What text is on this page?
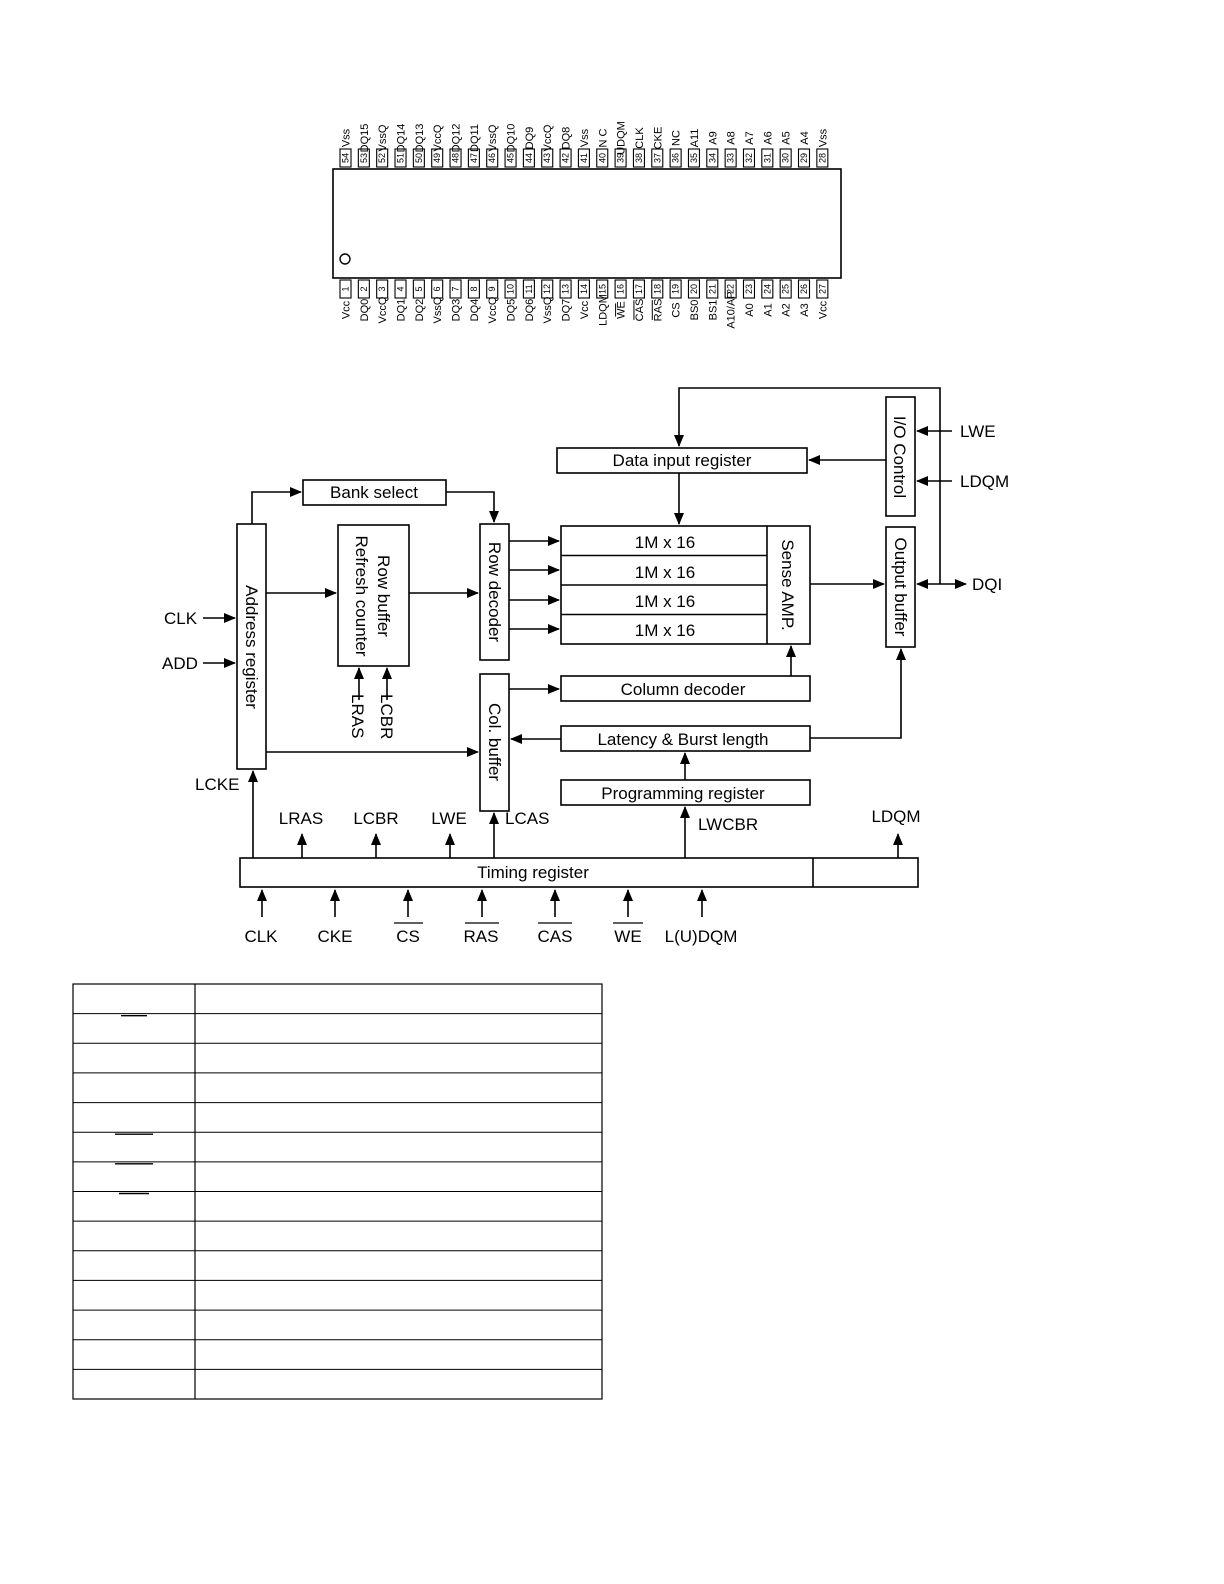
54
Vss
53
DQ15
52
VssQ
51
DQ14
50
DQ13
49
VccQ
48
DQ12
47
DQ11
46
VssQ
45
DQ10
44
DQ9
43
VccQ
42
DQ8
41
Vss
40
N C
39
UDQM
38
CLK
37
CKE
36
NC
35
A11
34
A9
33
A8
32
A7
31
A6
30
A5
29
A4
28
Vss
1
Vcc
2
DQ0
3
VccQ
4
DQ1
5
DQ2
6
VssQ
7
DQ3
8
DQ4
9
VccQ
10
DQ5
11
DQ6
12
VssQ
13
DQ7
14
Vcc
15
LDQM
16
WE
17
CAS
18
RAS
19
CS
20
BS0
21
BS1
22
A10/AP
23
A0
24
A1
25
A2
26
A3
27
Vcc
Data input register	I/O Control
Bank select
Address register	Row buffer
Refresh counter	Row decoder	1M x 16
1M x 16
1M x 16
1M x 16	Sense AMP.	Output buffer
Col. buffer
Column decoder
Latency & Burst length
Programming register
Timing register
LWE
LDQM
DQI
CLK
ADD
LRAS LCBR
LCKE
LRAS LCBR LWE LCAS	LWCBR	LDQM
CLK CKE	CS	RAS CAS WE L(U)DQM
